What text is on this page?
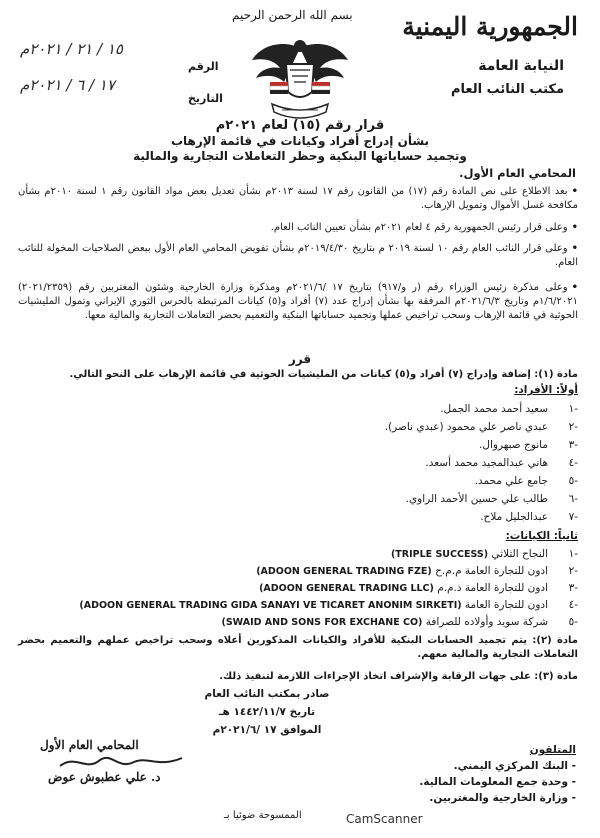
الجمهورية اليمنية
النيابة العامة
مكتب النائب العام
بسم الله الرحمن الرحيم
الرقم
١٥ / ٢١ / ٢٠٢١م
التاريخ
١٧ / ٦ / ٢٠٢١م
قرار رقم (١٥) لعام ٢٠٢١م
بشأن إدراج أفراد وكيانات في قائمة الإرهاب
وتجميد حساباتها البنكية وحظر التعاملات التجارية والمالية
المحامي العام الأول.
•بعد الاطلاع على نص المادة رقم (١٧) من القانون رقم ١٧ لسنة ٢٠١٣م بشأن تعديل بعض مواد القانون رقم ١ لسنة ٢٠١٠م بشأن مكافحة غسل الأموال وتمويل الإرهاب.
•وعلى قرار رئيس الجمهورية رقم ٤ لعام ٢٠٢١م بشأن تعيين النائب العام.
•وعلى قرار النائب العام رقم ١٠ لسنة ٢٠١٩ م بتاريخ ٢٠١٩/٤/٣٠م بشأن تفويض المحامي العام الأول ببعض الصلاحيات المخولة للنائب العام.
•وعلى مذكرة رئيس الوزراء رقم (ر و/٩١٧) بتاريخ ١٧ /٢٠٢١/٦م ومذكرة وزارة الخارجية وشئون المغتربين رقم (٢٠٢١/٢٣٥٩) ١/٦/٢٠٢١م وتاريخ ٢٠٢١/٦/٣م المرفقة بها بشأن إدراج عدد (٧) أفراد و(٥) كيانات المرتبطة بالحرس الثوري الإيراني وتمول المليشيات الحوثية في قائمة الإرهاب وسحب تراخيص عملها وتجميد حساباتها البنكية والتعميم بحضر التعاملات التجارية والمالية معها.
قرر
مادة (١): إضافة وإدراج (٧) أفراد و(٥) كيانات من المليشيات الحوثية في قائمة الإرهاب على النحو التالي.
أولاً: الأفراد:
-١سعيد أحمد محمد الجمل.
-٢عبدي ناصر علي محمود (عبدي ناصر).
-٣مانوج صبهروال.
-٤هاني عبدالمجيد محمد أسعد.
-٥جامع علي محمد.
-٦طالب علي حسين الأحمد الراوي.
-٧عبدالجليل ملاح.
ثانياً: الكيانات:
-١النجاح الثلاثي (TRIPLE SUCCESS)
-٢ادون للتجارة العامة م.م.ح (ADOON GENERAL TRADING FZE)
-٣ادون للتجارة العامة ذ.م.م (ADOON GENERAL TRADING LLC)
-٤ادون للتجارة العامة (ADOON GENERAL TRADING GIDA SANAYI VE TICARET ANONIM SIRKETI)
-٥شركة سويد وأولاده للصرافة (SWAID AND SONS FOR EXCHANE CO)
مادة (٢): يتم تجميد الحسابات البنكية للأفراد والكيانات المذكورين أعلاه وسحب تراخيص عملهم والتعميم بحضر التعاملات التجارية والمالية معهم.
مادة (٣): على جهات الرقابة والإشراف اتخاذ الإجراءات اللازمة لتنفيذ ذلك.
صادر بمكتب النائب العام
تاريخ ١٤٤٢/١١/٧ هـ
الموافق ١٧ /٢٠٢١/٦م
المحامي العام الأول
د. علي عطبوش عوض
المتلقون
- البنك المركزي اليمني.
- وحدة جمع المعلومات المالية.
- وزارة الخارجية والمغتربين.
الممسوحة ضوئيا بـ	CamScanner
